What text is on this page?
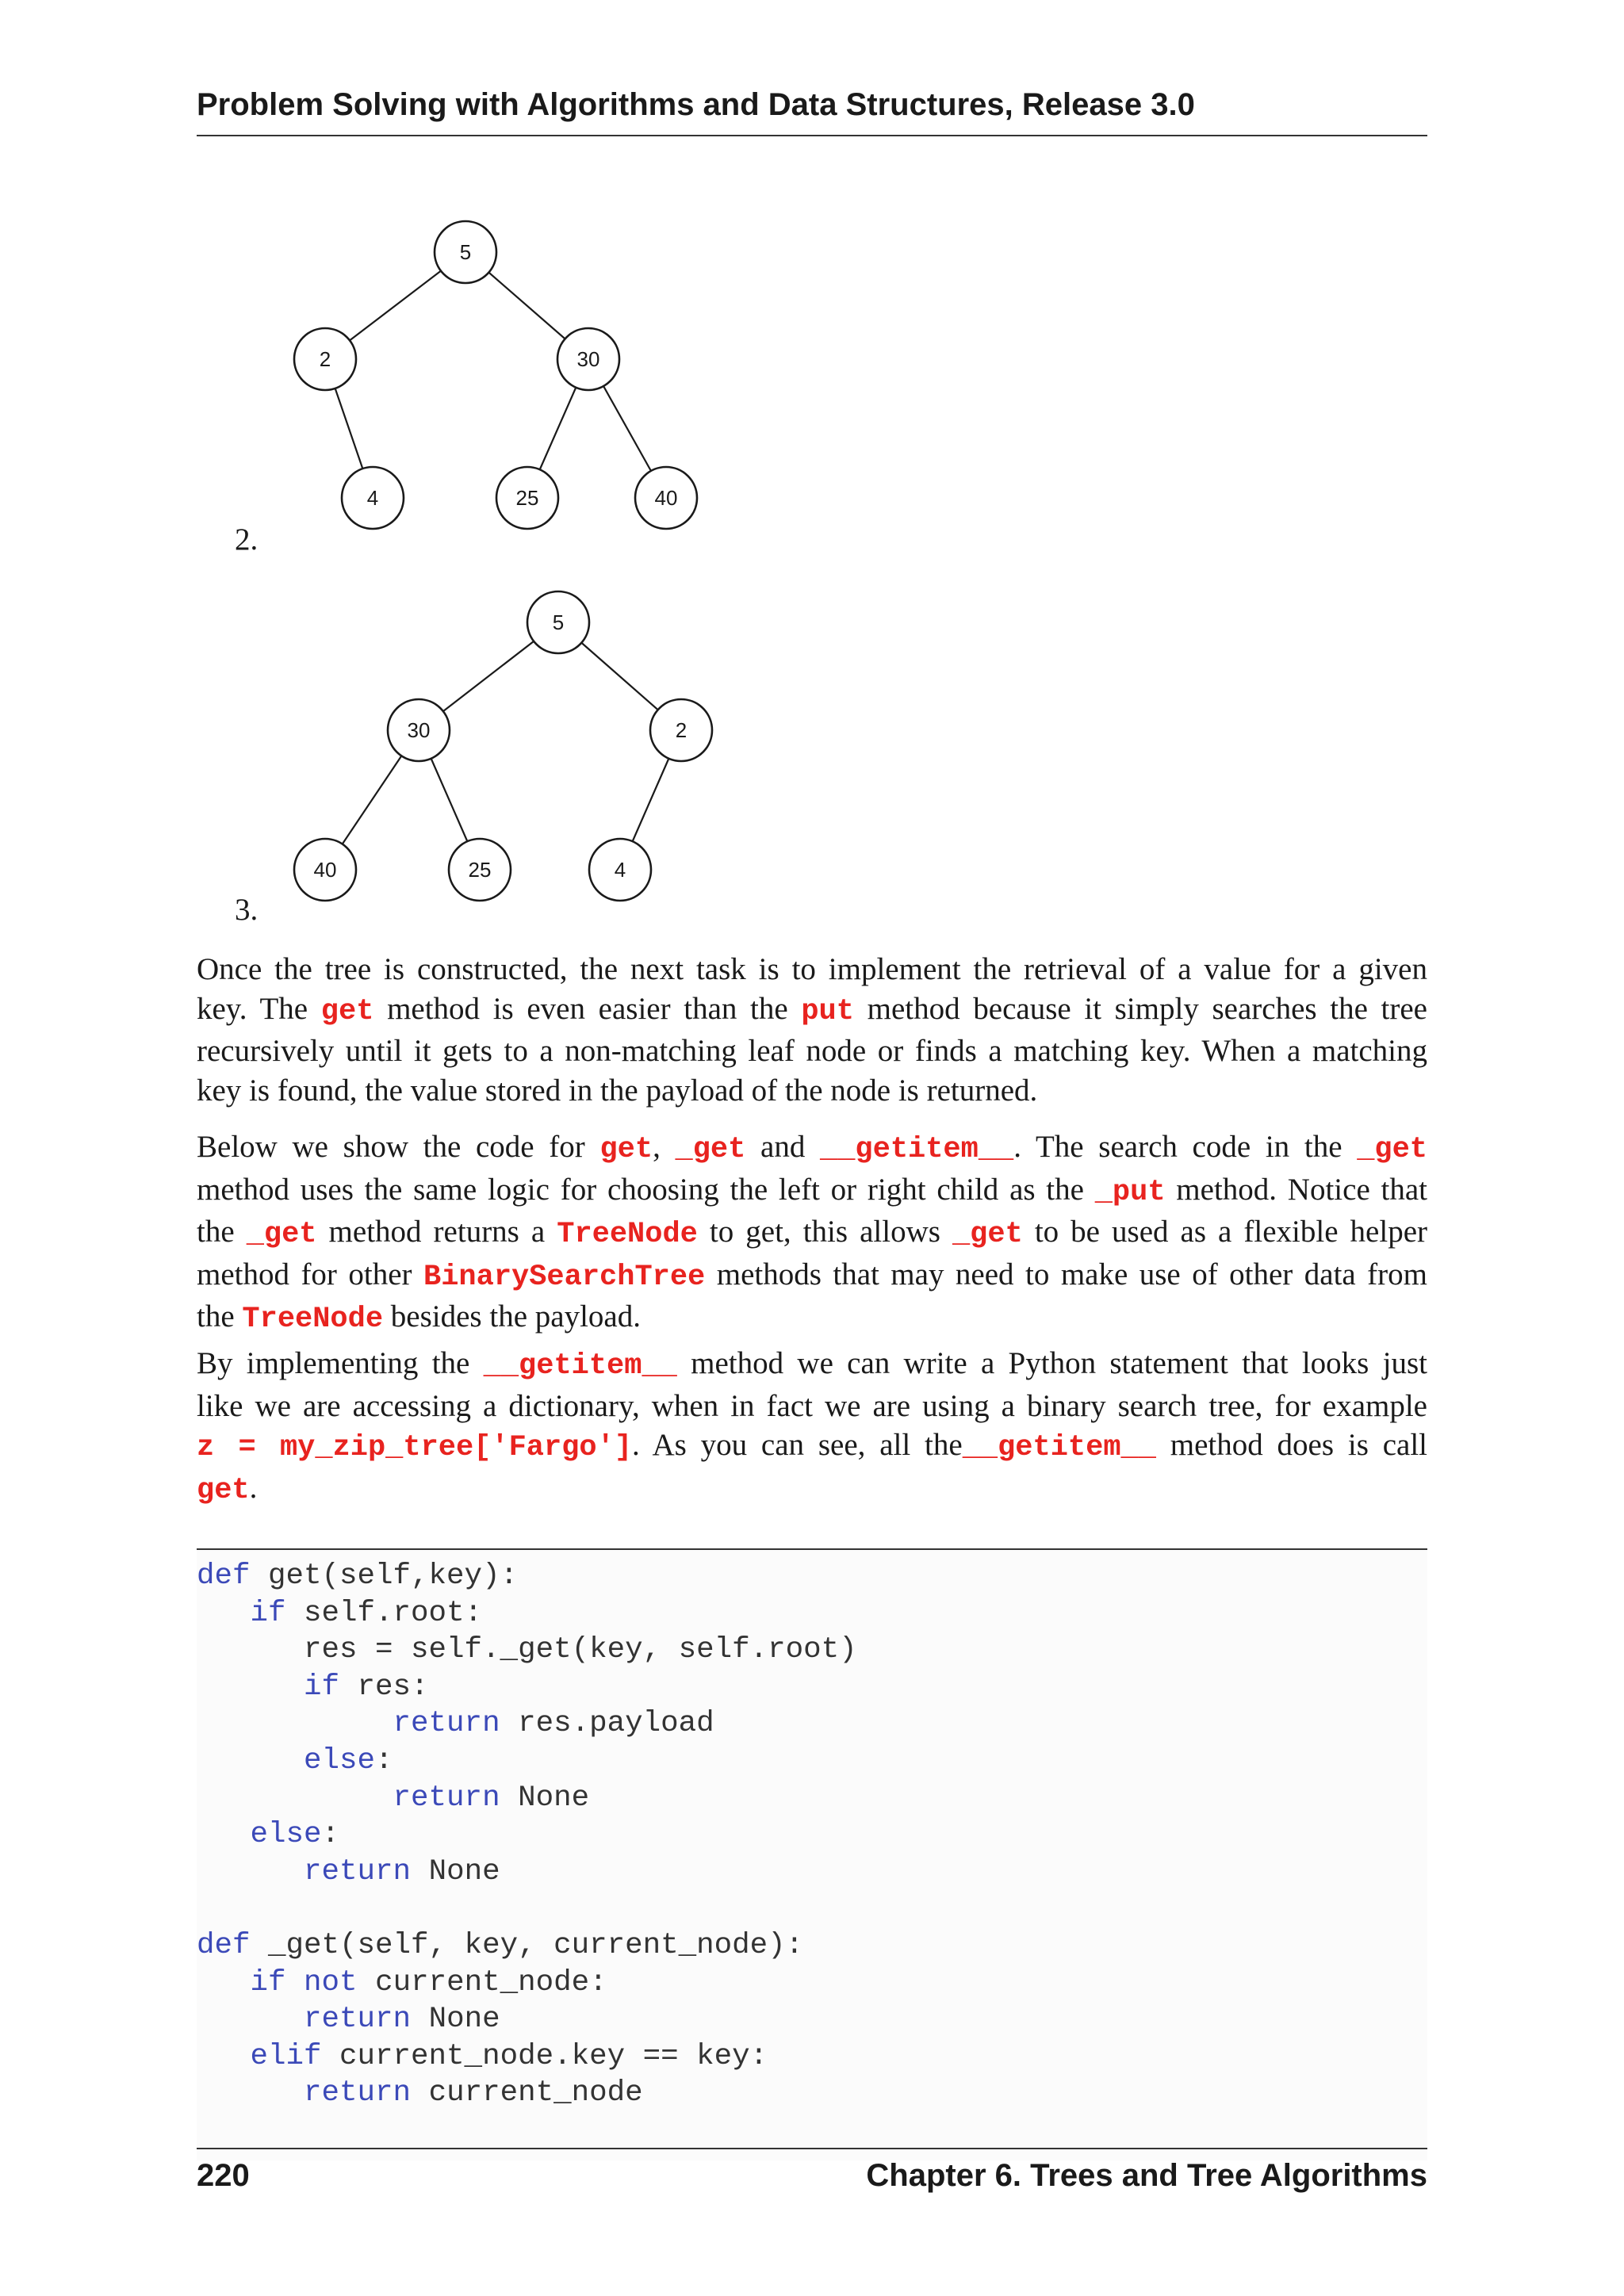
Problem Solving with Algorithms and Data Structures, Release 3.0
5
2	30
4	25	40
2.
5
30	2
40	25	4
3.
Once the tree is constructed, the next task is to implement the retrieval of a value for a given
key. The get method is even easier than the put method because it simply searches the tree
recursively until it gets to a non-matching leaf node or finds a matching key. When a matching
key is found, the value stored in the payload of the node is returned.
Below we show the code for get, _get and __getitem__. The search code in the _get
method uses the same logic for choosing the left or right child as the _put method. Notice that
the _get method returns a TreeNode to get, this allows _get to be used as a flexible helper
method for other BinarySearchTree methods that may need to make use of other data from
the TreeNode besides the payload.
By implementing the __getitem__ method we can write a Python statement that looks just
like we are accessing a dictionary, when in fact we are using a binary search tree, for example
z = my_zip_tree['Fargo']. As you can see, all the__getitem__ method does is call
get.
def get(self,key):
if self.root:
res = self._get(key, self.root)
if res:
return res.payload
else:
return None
else:
return None
def _get(self, key, current_node):
if not current_node:
return None
elif current_node.key == key:
return current_node
220	Chapter 6. Trees and Tree Algorithms
